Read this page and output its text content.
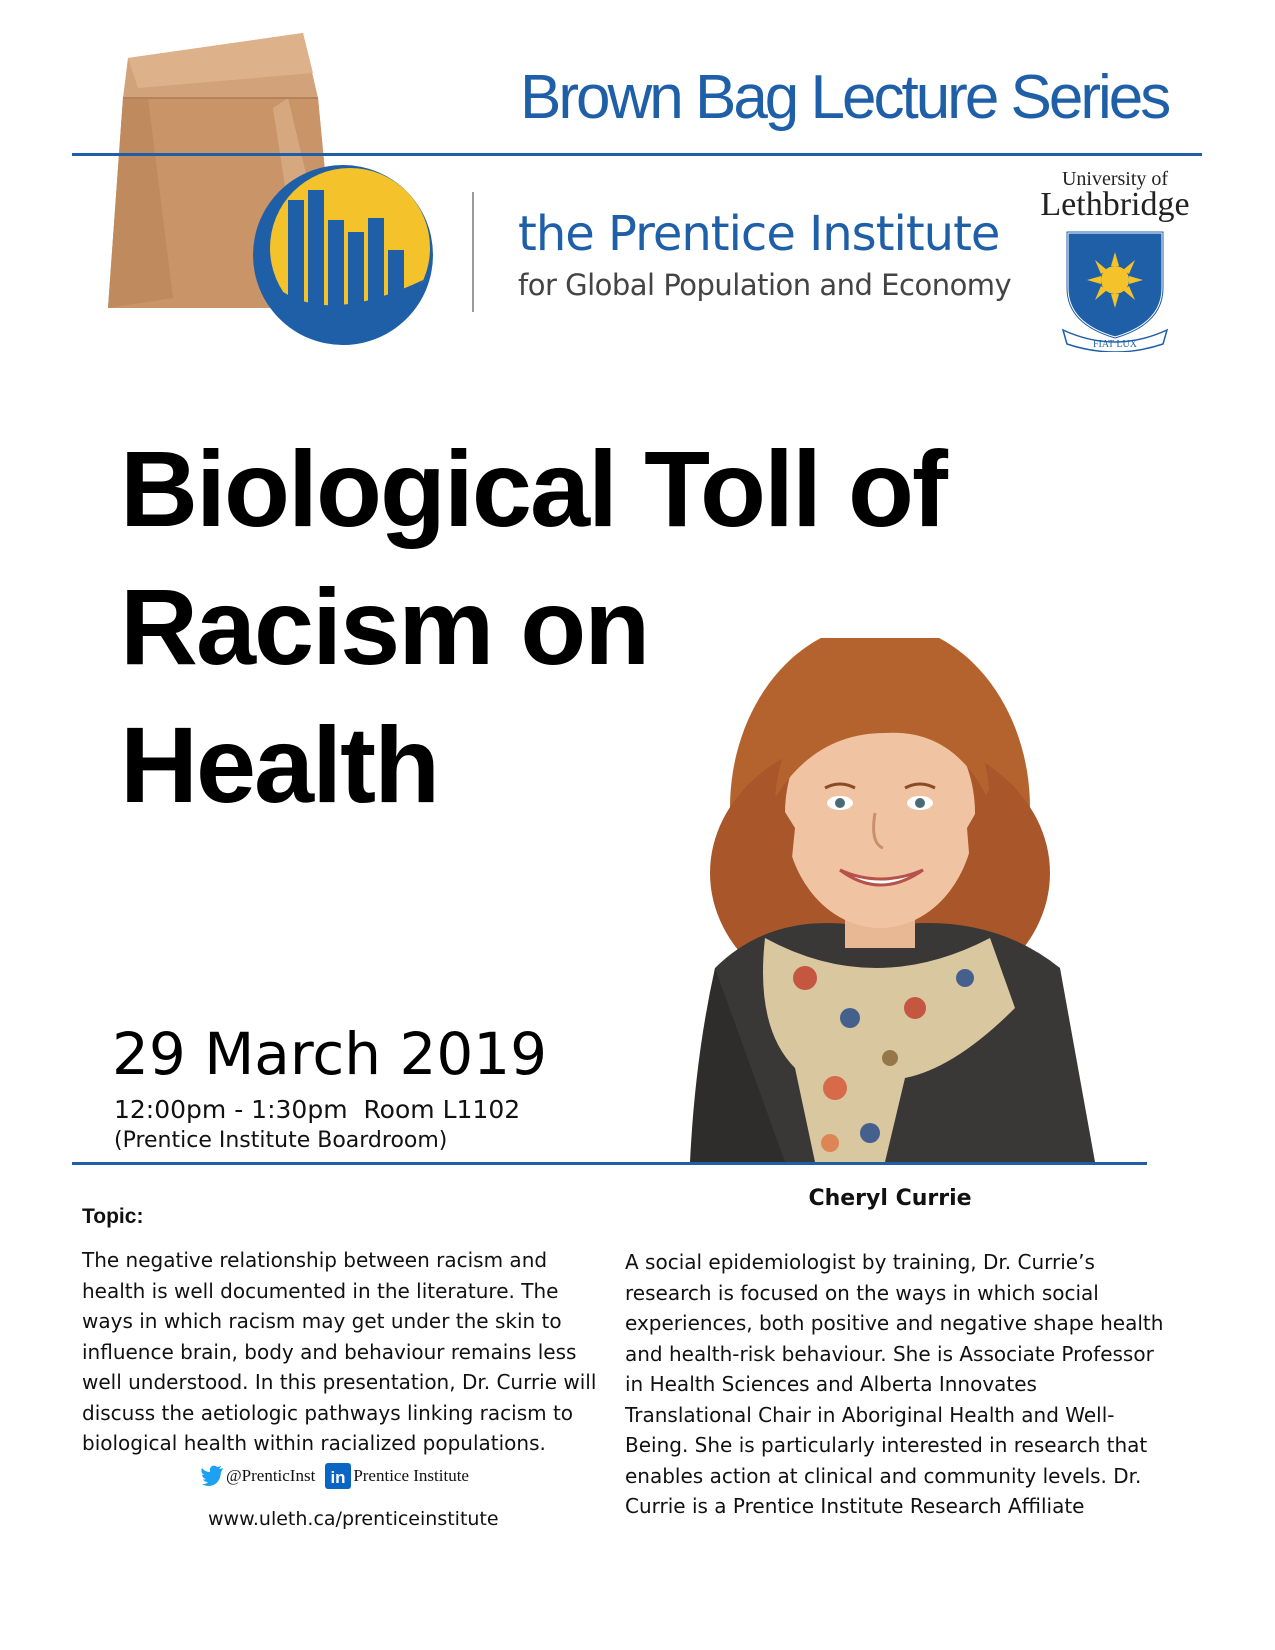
Brown Bag Lecture Series
the Prentice Institute
for Global Population and Economy
University of
Lethbridge
FIAT LUX
Biological Toll of
Racism on
Health
29 March 2019
12:00pm - 1:30pm  Room L1102
(Prentice Institute Boardroom)
Topic:
The negative relationship between racism and health is well documented in the literature. The ways in which racism may get under the skin to influence brain, body and behaviour remains less well understood. In this presentation, Dr. Currie will discuss the aetiologic pathways linking racism to biological health within racialized populations.
Cheryl Currie
A social epidemiologist by training, Dr. Currie’s research is focused on the ways in which social experiences, both positive and negative shape health and health-risk behaviour. She is Associate Professor in Health Sciences and Alberta Innovates Translational Chair in Aboriginal Health and Well-Being. She is particularly interested in research that enables action at clinical and community levels. Dr. Currie is a Prentice Institute Research Affiliate
@PrenticInst in Prentice Institute
www.uleth.ca/prenticeinstitute
